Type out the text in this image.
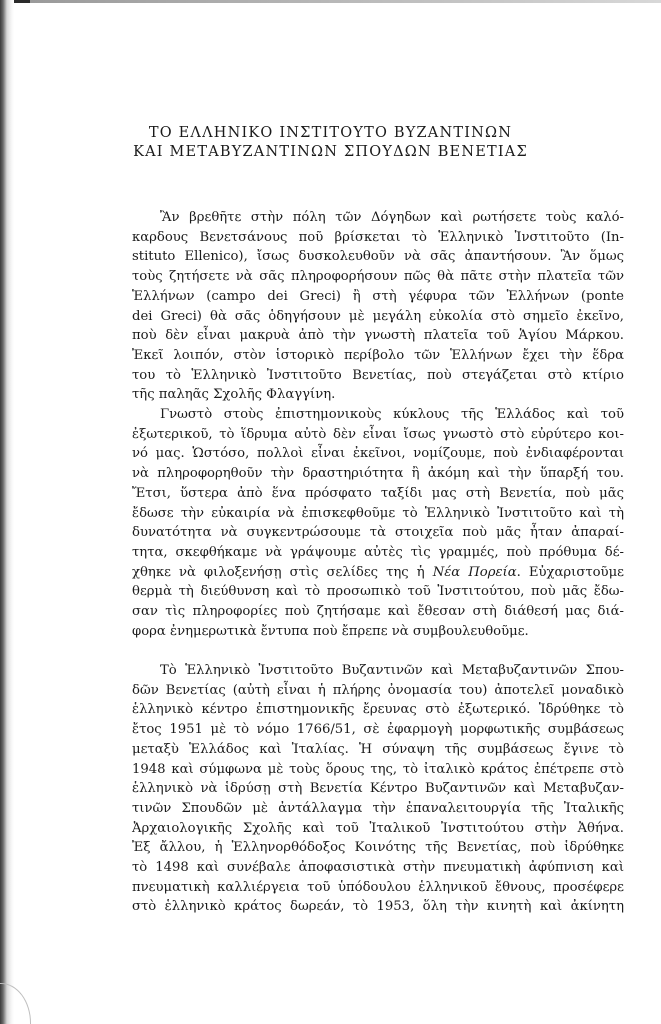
ΤΟ ΕΛΛΗΝΙΚΟ ΙΝΣΤΙΤΟΥΤΟ ΒΥΖΑΝΤΙΝΩΝ
ΚΑΙ ΜΕΤΑΒΥΖΑΝΤΙΝΩΝ ΣΠΟΥΔΩΝ ΒΕΝΕΤΙΑΣ
Ἂν βρεθῆτε στὴν πόλη τῶν Δόγηδων καὶ ρωτήσετε τοὺς καλό-
καρδους Βενετσάνους ποῦ βρίσκεται τὸ Ἑλληνικὸ Ἰνστιτοῦτο (In-
stituto Ellenico), ἴσως δυσκολευθοῦν νὰ σᾶς ἀπαντήσουν. Ἂν ὅμως
τοὺς ζητήσετε νὰ σᾶς πληροφορήσουν πῶς θὰ πᾶτε στὴν πλατεῖα τῶν
Ἑλλήνων (campo dei Greci) ἢ στὴ γέφυρα τῶν Ἑλλήνων (ponte
dei Greci) θὰ σᾶς ὁδηγήσουν μὲ μεγάλη εὐκολία στὸ σημεῖο ἐκεῖνο,
ποὺ δὲν εἶναι μακρυὰ ἀπὸ τὴν γνωστὴ πλατεῖα τοῦ Ἁγίου Μάρκου.
Ἐκεῖ λοιπόν, στὸν ἱστορικὸ περίβολο τῶν Ἑλλήνων ἔχει τὴν ἕδρα
του τὸ Ἑλληνικὸ Ἰνστιτοῦτο Βενετίας, ποὺ στεγάζεται στὸ κτίριο
τῆς παληᾶς Σχολῆς Φλαγγίνη.
Γνωστὸ στοὺς ἐπιστημονικοὺς κύκλους τῆς Ἑλλάδος καὶ τοῦ
ἐξωτερικοῦ, τὸ ἵδρυμα αὐτὸ δὲν εἶναι ἴσως γνωστὸ στὸ εὐρύτερο κοι-
νό μας. Ὡστόσο, πολλοὶ εἶναι ἐκεῖνοι, νομίζουμε, ποὺ ἐνδιαφέρονται
νὰ πληροφορηθοῦν τὴν δραστηριότητα ἢ ἀκόμη καὶ τὴν ὕπαρξή του.
Ἔτσι, ὕστερα ἀπὸ ἕνα πρόσφατο ταξίδι μας στὴ Βενετία, ποὺ μᾶς
ἔδωσε τὴν εὐκαιρία νὰ ἐπισκεφθοῦμε τὸ Ἑλληνικὸ Ἰνστιτοῦτο καὶ τὴ
δυνατότητα νὰ συγκεντρώσουμε τὰ στοιχεῖα ποὺ μᾶς ἦταν ἀπαραί-
τητα, σκεφθήκαμε νὰ γράψουμε αὐτὲς τὶς γραμμές, ποὺ πρόθυμα δέ-
χθηκε νὰ φιλοξενήσῃ στὶς σελίδες της ἡ Νέα Πορεία. Εὐχαριστοῦμε
θερμὰ τὴ διεύθυνση καὶ τὸ προσωπικὸ τοῦ Ἰνστιτούτου, ποὺ μᾶς ἔδω-
σαν τὶς πληροφορίες ποὺ ζητήσαμε καὶ ἔθεσαν στὴ διάθεσή μας διά-
φορα ἐνημερωτικὰ ἔντυπα ποὺ ἔπρεπε νὰ συμβουλευθοῦμε.
Τὸ Ἑλληνικὸ Ἰνστιτοῦτο Βυζαντινῶν καὶ Μεταβυζαντινῶν Σπου-
δῶν Βενετίας (αὐτὴ εἶναι ἡ πλήρης ὀνομασία του) ἀποτελεῖ μοναδικὸ
ἑλληνικὸ κέντρο ἐπιστημονικῆς ἔρευνας στὸ ἐξωτερικό. Ἱδρύθηκε τὸ
ἔτος 1951 μὲ τὸ νόμο 1766/51, σὲ ἐφαρμογὴ μορφωτικῆς συμβάσεως
μεταξὺ Ἑλλάδος καὶ Ἰταλίας. Ἡ σύναψη τῆς συμβάσεως ἔγινε τὸ
1948 καὶ σύμφωνα μὲ τοὺς ὅρους της, τὸ ἰταλικὸ κράτος ἐπέτρεπε στὸ
ἑλληνικὸ νὰ ἱδρύσῃ στὴ Βενετία Κέντρο Βυζαντινῶν καὶ Μεταβυζαν-
τινῶν Σπουδῶν μὲ ἀντάλλαγμα τὴν ἐπαναλειτουργία τῆς Ἰταλικῆς
Ἀρχαιολογικῆς Σχολῆς καὶ τοῦ Ἰταλικοῦ Ἰνστιτούτου στὴν Ἀθήνα.
Ἐξ ἄλλου, ἡ Ἑλληνορθόδοξος Κοινότης τῆς Βενετίας, ποὺ ἱδρύθηκε
τὸ 1498 καὶ συνέβαλε ἀποφασιστικὰ στὴν πνευματικὴ ἀφύπνιση καὶ
πνευματικὴ καλλιέργεια τοῦ ὑπόδουλου ἑλληνικοῦ ἔθνους, προσέφερε
στὸ ἑλληνικὸ κράτος δωρεάν, τὸ 1953, ὅλη τὴν κινητὴ καὶ ἀκίνητη
